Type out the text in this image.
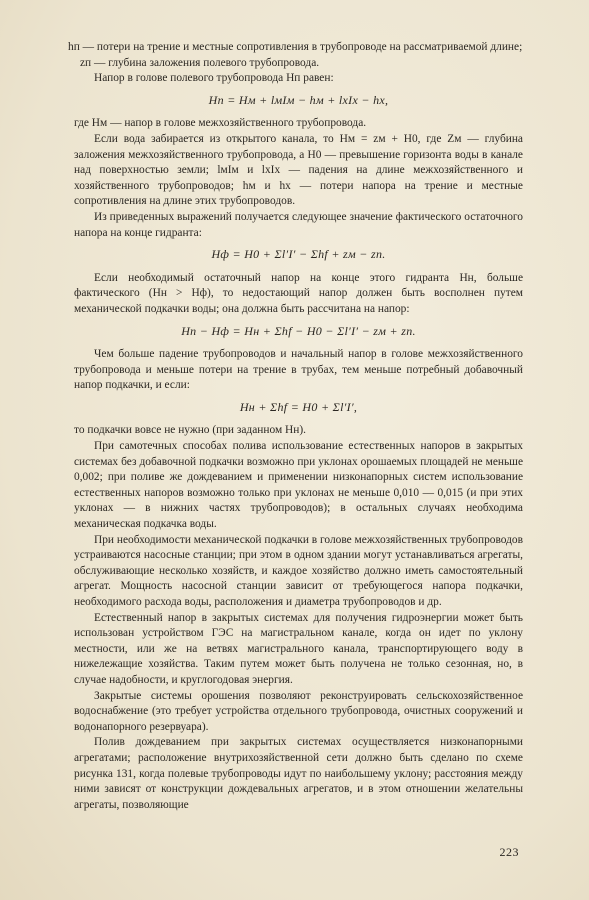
hп — потери на трение и местные сопротивления в трубопроводе на рассматриваемой длине;

zп — глубина заложения полевого трубопровода.

Напор в голове полевого трубопровода Hп равен:

Hп = Hм + lмIм − hм + lхIх − hх,

где Hм — напор в голове межхозяйственного трубопровода.

Если вода забирается из открытого канала, то Hм = zм + H0, где Zм — глубина заложения межхозяйственного трубопровода, а H0 — превышение горизонта воды в канале над поверхностью земли; lмIм и lхIх — падения на длине межхозяйственного и хозяйственного трубопроводов; hм и hх — потери напора на трение и местные сопротивления на длине этих трубопроводов.

Из приведенных выражений получается следующее значение фактического остаточного напора на конце гидранта:

Hф = H0 + Σl′I′ − Σhf + zм − zп.

Если необходимый остаточный напор на конце этого гидранта Hн, больше фактического (Hн > Hф), то недостающий напор должен быть восполнен путем механической подкачки воды; она должна быть рассчитана на напор:

Hп − Hф = Hн + Σhf − H0 − Σl′I′ − zм + zп.

Чем больше падение трубопроводов и начальный напор в голове межхозяйственного трубопровода и меньше потери на трение в трубах, тем меньше потребный добавочный напор подкачки, и если:

Hн + Σhf = H0 + Σl′I′,

то подкачки вовсе не нужно (при заданном Hн).

При самотечных способах полива использование естественных напоров в закрытых системах без добавочной подкачки возможно при уклонах орошаемых площадей не меньше 0,002; при поливе же дождеванием и применении низконапорных систем использование естественных напоров возможно только при уклонах не меньше 0,010 — 0,015 (и при этих уклонах — в нижних частях трубопроводов); в остальных случаях необходима механическая подкачка воды.

При необходимости механической подкачки в голове межхозяйственных трубопроводов устраиваются насосные станции; при этом в одном здании могут устанавливаться агрегаты, обслуживающие несколько хозяйств, и каждое хозяйство должно иметь самостоятельный агрегат. Мощность насосной станции зависит от требующегося напора подкачки, необходимого расхода воды, расположения и диаметра трубопроводов и др.

Естественный напор в закрытых системах для получения гидроэнергии может быть использован устройством ГЭС на магистральном канале, когда он идет по уклону местности, или же на ветвях магистрального канала, транспортирующего воду в нижележащие хозяйства. Таким путем может быть получена не только сезонная, но, в случае надобности, и круглогодовая энергия.

Закрытые системы орошения позволяют реконструировать сельскохозяйственное водоснабжение (это требует устройства отдельного трубопровода, очистных сооружений и водонапорного резервуара).

Полив дождеванием при закрытых системах осуществляется низконапорными агрегатами; расположение внутрихозяйственной сети должно быть сделано по схеме рисунка 131, когда полевые трубопроводы идут по наибольшему уклону; расстояния между ними зависят от конструкции дождевальных агрегатов, и в этом отношении желательны агрегаты, позволяющие

223
